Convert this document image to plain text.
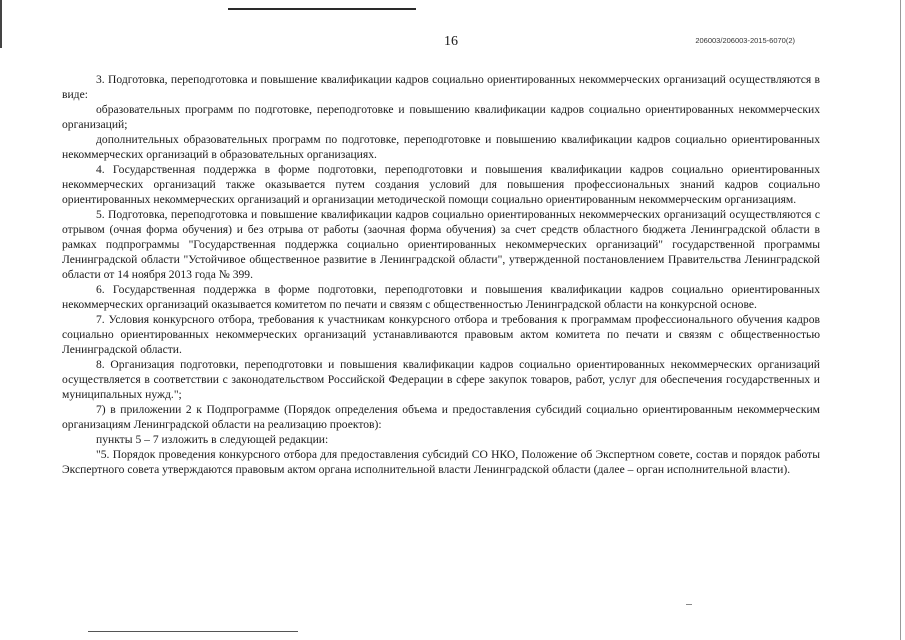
16	206003/206003-2015-6070(2)

3. Подготовка, переподготовка и повышение квалификации кадров социально ориентированных некоммерческих организаций осуществляются в виде:

образовательных программ по подготовке, переподготовке и повышению квалификации кадров социально ориентированных некоммерческих организаций;

дополнительных образовательных программ по подготовке, переподготовке и повышению квалификации кадров социально ориентированных некоммерческих организаций в образовательных организациях.

4. Государственная поддержка в форме подготовки, переподготовки и повышения квалификации кадров социально ориентированных некоммерческих организаций также оказывается путем создания условий для повышения профессиональных знаний кадров социально ориентированных некоммерческих организаций и организации методической помощи социально ориентированным некоммерческим организациям.

5. Подготовка, переподготовка и повышение квалификации кадров социально ориентированных некоммерческих организаций осуществляются с отрывом (очная форма обучения) и без отрыва от работы (заочная форма обучения) за счет средств областного бюджета Ленинградской области в рамках подпрограммы "Государственная поддержка социально ориентированных некоммерческих организаций" государственной программы Ленинградской области "Устойчивое общественное развитие в Ленинградской области", утвержденной постановлением Правительства Ленинградской области от 14 ноября 2013 года № 399.

6. Государственная поддержка в форме подготовки, переподготовки и повышения квалификации кадров социально ориентированных некоммерческих организаций оказывается комитетом по печати и связям с общественностью Ленинградской области на конкурсной основе.

7. Условия конкурсного отбора, требования к участникам конкурсного отбора и требования к программам профессионального обучения кадров социально ориентированных некоммерческих организаций устанавливаются правовым актом комитета по печати и связям с общественностью Ленинградской области.

8. Организация подготовки, переподготовки и повышения квалификации кадров социально ориентированных некоммерческих организаций осуществляется в соответствии с законодательством Российской Федерации в сфере закупок товаров, работ, услуг для обеспечения государственных и муниципальных нужд.";

7) в приложении 2 к Подпрограмме (Порядок определения объема и предоставления субсидий социально ориентированным некоммерческим организациям Ленинградской области на реализацию проектов):

пункты 5 – 7 изложить в следующей редакции:

"5. Порядок проведения конкурсного отбора для предоставления субсидий СО НКО, Положение об Экспертном совете, состав и порядок работы Экспертного совета утверждаются правовым актом органа исполнительной власти Ленинградской области (далее – орган исполнительной власти).
